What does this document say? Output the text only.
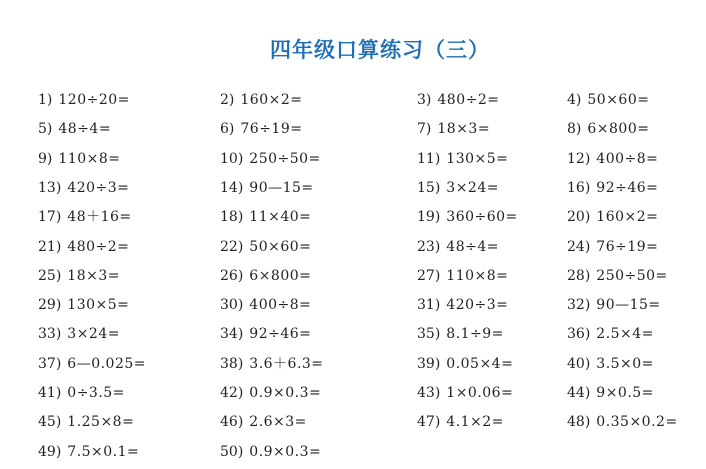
四年级口算练习（三）
1) 120÷20=	2) 160×2=	3) 480÷2=	4) 50×60=
5) 48÷4=	6) 76÷19=	7) 18×3=	8) 6×800=
9) 110×8=	10) 250÷50=	11) 130×5=	12) 400÷8=
13) 420÷3=	14) 90—15=	15) 3×24=	16) 92÷46=
17) 48＋16=	18) 11×40=	19) 360÷60=	20) 160×2=
21) 480÷2=	22) 50×60=	23) 48÷4=	24) 76÷19=
25) 18×3=	26) 6×800=	27) 110×8=	28) 250÷50=
29) 130×5=	30) 400÷8=	31) 420÷3=	32) 90—15=
33) 3×24=	34) 92÷46=	35) 8.1÷9=	36) 2.5×4=
37) 6—0.025=	38) 3.6＋6.3=	39) 0.05×4=	40) 3.5×0=
41) 0÷3.5=	42) 0.9×0.3=	43) 1×0.06=	44) 9×0.5=
45) 1.25×8=	46) 2.6×3=	47) 4.1×2=	48) 0.35×0.2=
49) 7.5×0.1=	50) 0.9×0.3=
